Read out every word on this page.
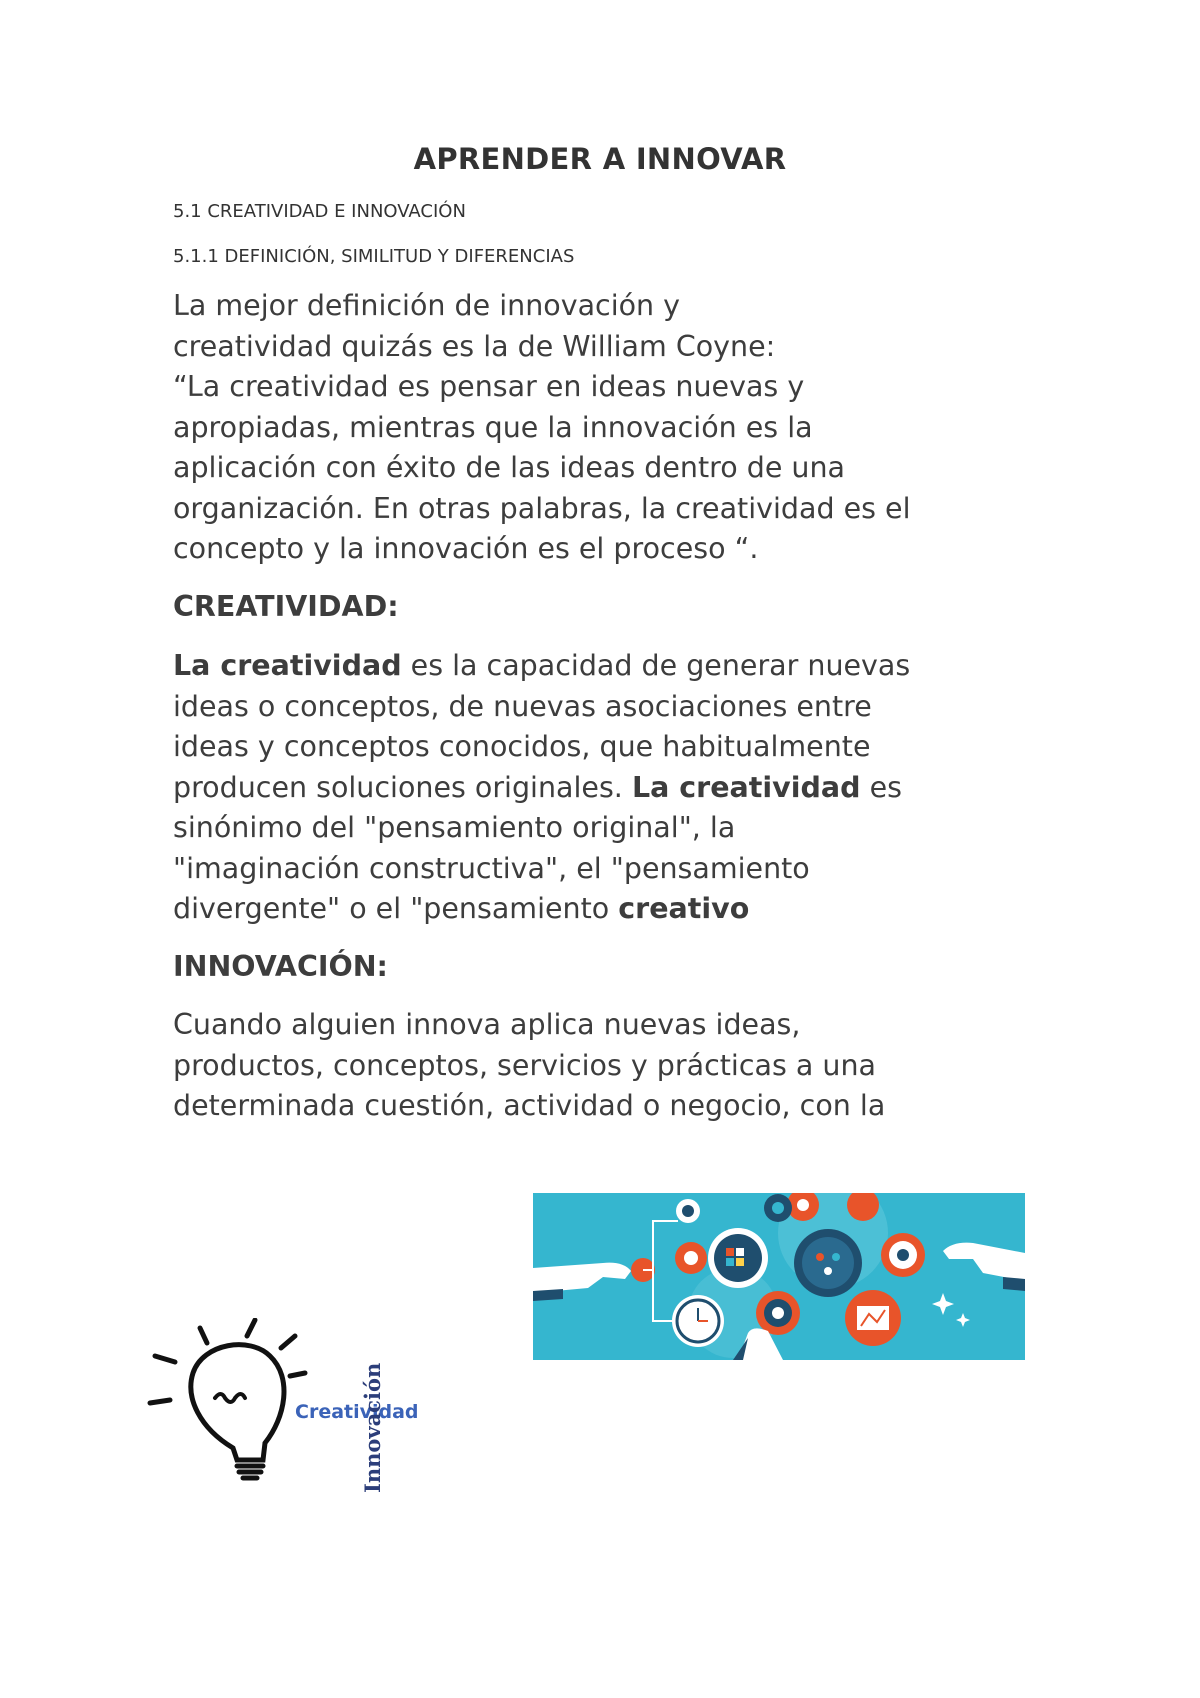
APRENDER A INNOVAR
5.1 CREATIVIDAD E INNOVACIÓN
5.1.1 DEFINICIÓN, SIMILITUD Y DIFERENCIAS
La mejor definición de innovación y
creatividad quizás es la de William Coyne:
“La creatividad es pensar en ideas nuevas y
apropiadas, mientras que la innovación es la
aplicación con éxito de las ideas dentro de una
organización. En otras palabras, la creatividad es el
concepto y la innovación es el proceso “.
CREATIVIDAD:
La creatividad es la capacidad de generar nuevas
ideas o conceptos, de nuevas asociaciones entre
ideas y conceptos conocidos, que habitualmente
producen soluciones originales. La creatividad es
sinónimo del "pensamiento original", la
"imaginación constructiva", el "pensamiento
divergente" o el "pensamiento creativo
INNOVACIÓN:
Cuando alguien innova aplica nuevas ideas,
productos, conceptos, servicios y prácticas a una
determinada cuestión, actividad o negocio, con la
Creatividad
Innovación
